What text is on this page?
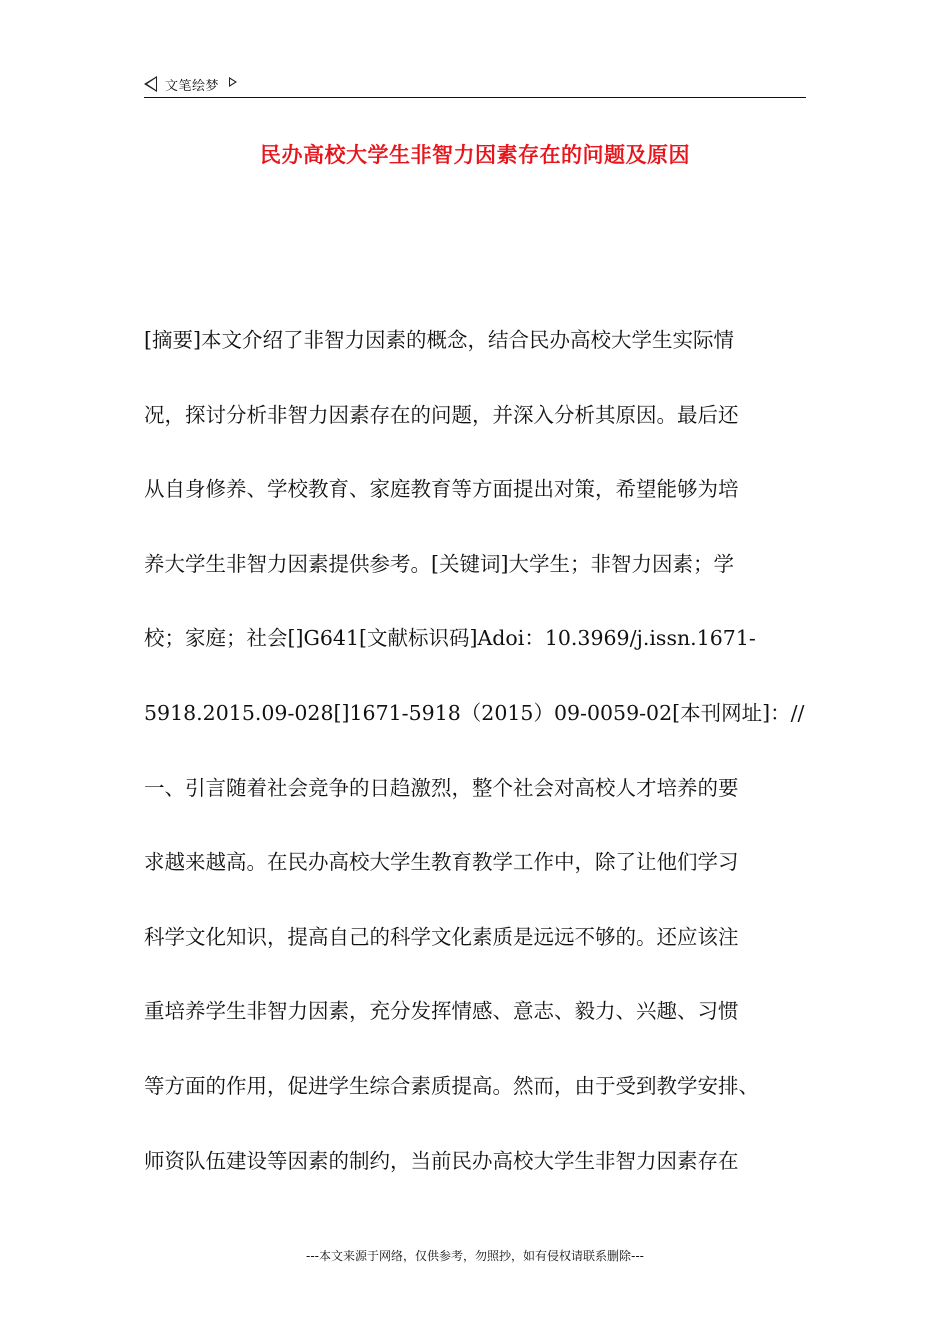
文笔绘梦
民办高校大学生非智力因素存在的问题及原因
[摘要]本文介绍了非智力因素的概念，结合民办高校大学生实际情
况，探讨分析非智力因素存在的问题，并深入分析其原因。最后还
从自身修养、学校教育、家庭教育等方面提出对策，希望能够为培
养大学生非智力因素提供参考。[关键词]大学生；非智力因素；学
校；家庭；社会[]G641[文献标识码]Adoi：10.3969/j.issn.1671-
5918.2015.09-028[]1671-5918（2015）09-0059-02[本刊网址]：//
一、引言随着社会竞争的日趋激烈，整个社会对高校人才培养的要
求越来越高。在民办高校大学生教育教学工作中，除了让他们学习
科学文化知识，提高自己的科学文化素质是远远不够的。还应该注
重培养学生非智力因素，充分发挥情感、意志、毅力、兴趣、习惯
等方面的作用，促进学生综合素质提高。然而，由于受到教学安排、
师资队伍建设等因素的制约，当前民办高校大学生非智力因素存在
---本文来源于网络，仅供参考，勿照抄，如有侵权请联系删除---
